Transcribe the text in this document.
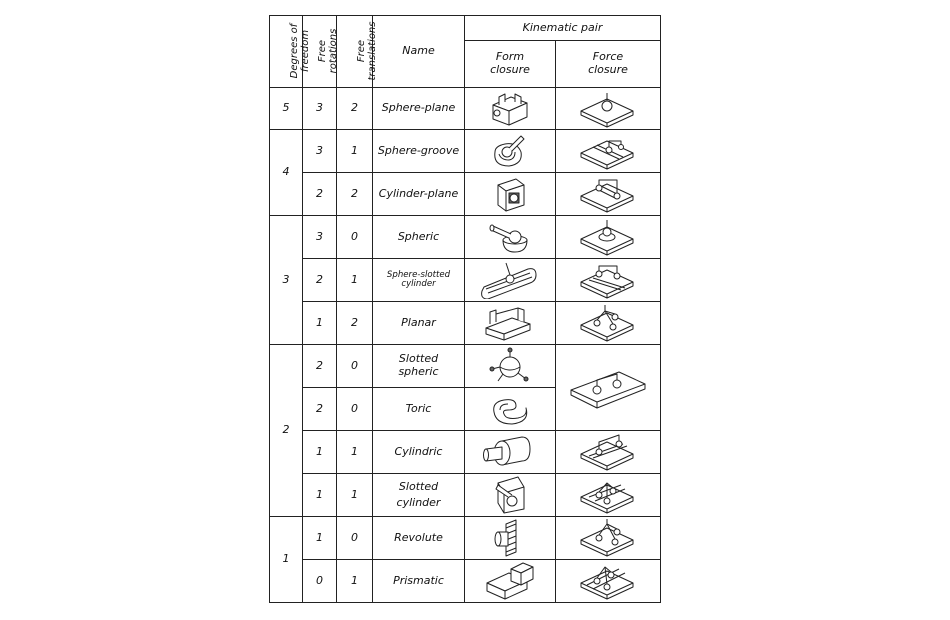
Degrees of freedom	Free rotations	Free translations	Name	Kinematic pair	
				Form closure	Force closure
5	3	2	Sphere-plane	

4	3	1	Sphere-groove	

	2	2	Cylinder-plane	

3	3	0	Spheric	

	2	1	Sphere-slotted cylinder	

	1	2	Planar	

2	2	0	Slotted spheric	

	2	0	Toric	

	1	1	Cylindric	

	1	1	Slotted cylinder	

1	1	0	Revolute	

	0	1	Prismatic	
